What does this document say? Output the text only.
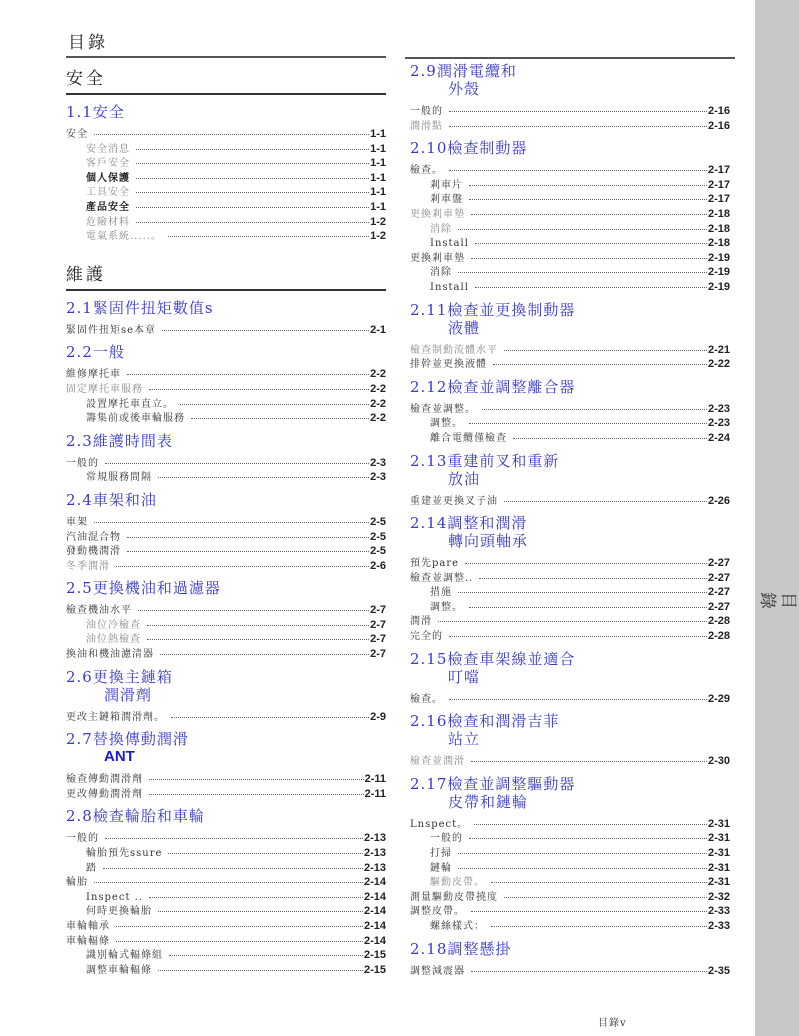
目錄
目錄
安全
1.1安全
安全	1-1
安全消息	1-1
客戶安全	1-1
個人保護	1-1
工具安全	1-1
產品安全	1-1
危險材料	1-2
電氣系統.....。	1-2
維護
2.1緊固件扭矩數值s
緊固件扭矩se本章	2-1
2.2一般
維修摩托車	2-2
固定摩托車服務	2-2
設置摩托車直立。	2-2
籌集前或後車輪服務	2-2
2.3維護時間表
一般的	2-3
常規服務間隔	2-3
2.4車架和油
車架	2-5
汽油混合物	2-5
發動機潤滑	2-5
冬季潤滑	2-6
2.5更換機油和過濾器
檢查機油水平	2-7
油位冷檢查	2-7
油位熱檢查	2-7
換油和機油濾清器	2-7
2.6更換主鏈箱
潤滑劑
更改主鏈箱潤滑劑。	2-9
2.7替換傳動潤滑
ANT
檢查傳動潤滑劑	2-11
更改傳動潤滑劑	2-11
2.8檢查輪胎和車輪
一般的	2-13
輪胎預先ssure	2-13
踏	2-13
輪胎	2-14
Inspect ..	2-14
何時更換輪胎	2-14
車輪軸承	2-14
車輪輻條	2-14
識別輪式輻條組	2-15
調整車輪輻條	2-15
2.9潤滑電纜和
外殼
一般的	2-16
潤滑點	2-16
2.10檢查制動器
檢查。	2-17
剎車片	2-17
剎車盤	2-17
更換剎車墊	2-18
消除	2-18
Install	2-18
更換剎車墊	2-19
消除	2-19
Install	2-19
2.11檢查並更換制動器
液體
檢查制動流體水平	2-21
排幹並更換液體	2-22
2.12檢查並調整離合器
檢查並調整。	2-23
調整。	2-23
離合電纜僅檢查	2-24
2.13重建前叉和重新
放油
重建並更換叉子油	2-26
2.14調整和潤滑
轉向頭軸承
預先pare	2-27
檢查並調整..	2-27
措施	2-27
調整。	2-27
潤滑	2-28
完全的	2-28
2.15檢查車架線並適合
叮噹
檢查。	2-29
2.16檢查和潤滑吉菲
站立
檢查並潤滑	2-30
2.17檢查並調整驅動器
皮帶和鏈輪
Lnspect。	2-31
一般的	2-31
打掃	2-31
鏈輪	2-31
驅動皮帶。	2-31
測量驅動皮帶撓度	2-32
調整皮帶。	2-33
螺絲樣式：	2-33
2.18調整懸掛
調整減震器	2-35
目錄v
